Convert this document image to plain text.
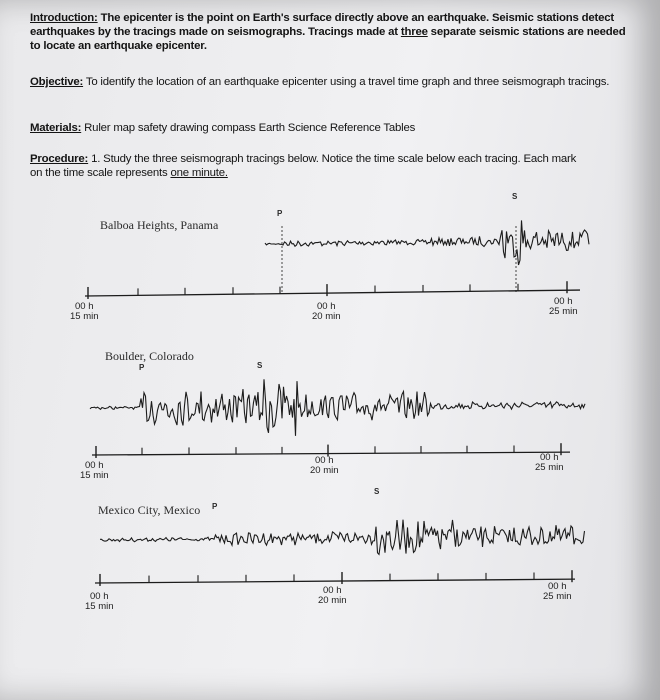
Introduction: The epicenter is the point on Earth's surface directly above an earthquake. Seismic stations detect earthquakes by the tracings made on seismographs. Tracings made at three separate seismic stations are needed to locate an earthquake epicenter.
Objective: To identify the location of an earthquake epicenter using a travel time graph and three seismograph tracings.
Materials: Ruler map safety drawing compass Earth Science Reference Tables
Procedure: 1. Study the three seismograph tracings below. Notice the time scale below each tracing. Each mark on the time scale represents one minute.
Balboa Heights, Panama
P
S
00 h
15 min
00 h
20 min
00 h
25 min
Boulder, Colorado
P	S
00 h
15 min
00 h
20 min
00 h
25 min
Mexico City, Mexico P
S
00 h
15 min
00 h
20 min
00 h
25 min
